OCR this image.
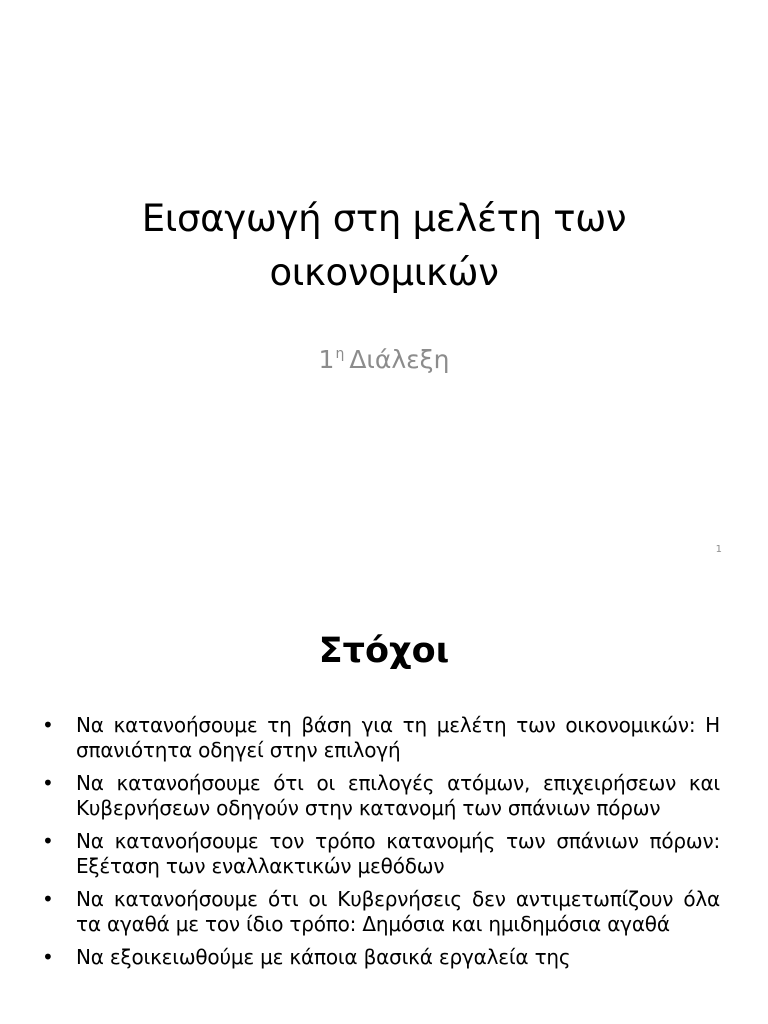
Εισαγωγή στη μελέτη των
οικονομικών

$1^\eta$ Διάλεξη

1
Στόχοι
• Να κατανοήσουμε τη βάση για τη μελέτη των οικονομικών: Η σπανιότητα οδηγεί στην επιλογή
• Να κατανοήσουμε ότι οι επιλογές ατόμων, επιχειρήσεων και Κυβερνήσεων οδηγούν στην κατανομή των σπάνιων πόρων
• Να κατανοήσουμε τον τρόπο κατανομής των σπάνιων πόρων: Εξέταση των εναλλακτικών μεθόδων
• Να κατανοήσουμε ότι οι Κυβερνήσεις δεν αντιμετωπίζουν όλα τα αγαθά με τον ίδιο τρόπο: Δημόσια και ημιδημόσια αγαθά
• Να εξοικειωθούμε με κάποια βασικά εργαλεία της
